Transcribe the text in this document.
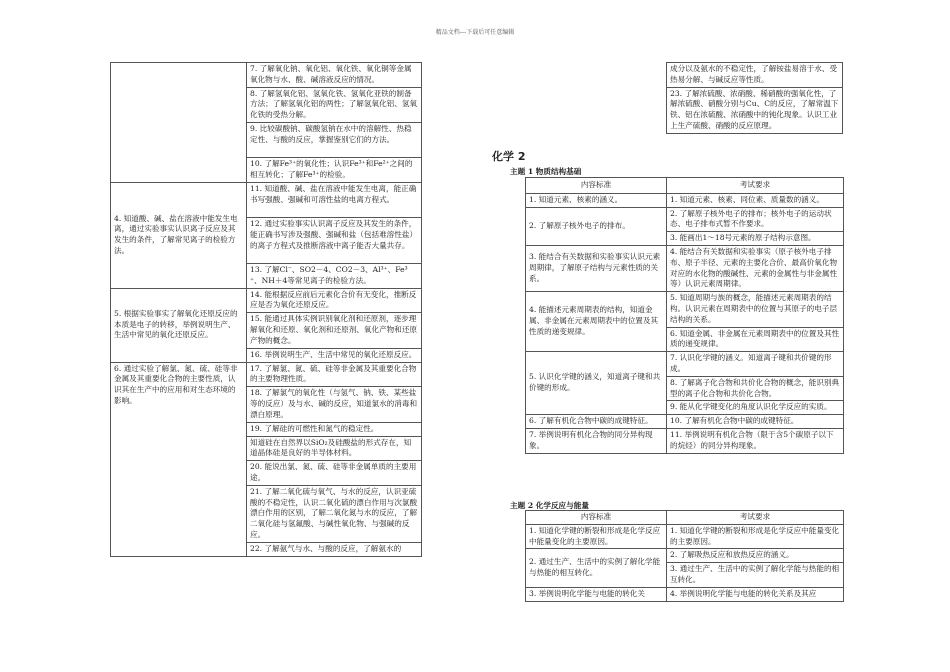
精品文档---下载后可任意编辑
	7. 了解氧化钠、氧化铝、氧化铁、氧化铜等金属氧化物与水、酸、碱溶液反应的情况。
	8. 了解氢氧化铝、氢氧化铁、氢氧化亚铁的制备方法；了解氢氧化铝的两性；了解氢氧化铝、氢氧化铁的受热分解。
	9. 比较碳酸钠、碳酸氢钠在水中的溶解性、热稳定性、与酸的反应，掌握鉴别它们的方法。
	10. 了解Fe³⁺的氧化性；认识Fe³⁺和Fe²⁺之间的相互转化；了解Fe³⁺的检验。
4. 知道酸、碱、盐在溶液中能发生电离，通过实验事实认识离子反应及其发生的条件，了解常见离子的检验方法。	11. 知道酸、碱、盐在溶液中能发生电离，能正确书写强酸、强碱和可溶性盐的电离方程式。
	12. 通过实验事实认识离子反应及其发生的条件，能正确书写涉及强酸、强碱和盐（包括难溶性盐）的离子方程式及推断溶液中离子能否大量共存。
	13. 了解Cl⁻、SO2－4、CO2－3、Al³⁺、Fe³⁺、NH＋4等常见离子的检验方法。
5. 根据实验事实了解氧化还原反应的本质是电子的转移，举例说明生产、生活中常见的氧化还原反应。	14. 能根据反应前后元素化合价有无变化，推断反应是否为氧化还原反应。
	15. 能通过具体实例识别氧化剂和还原剂，逐步理解氧化和还原、氧化剂和还原剂、氧化产物和还原产物的概念。
	16. 举例说明生产、生活中常见的氧化还原反应。
6. 通过实验了解氯、氮、硫、硅等非金属及其重要化合物的主要性质，认识其在生产中的应用和对生态环境的影响。	17. 了解氯、氮、硫、硅等非金属及其重要化合物的主要物理性质。
	18. 了解氯气的氧化性（与氢气、钠、铁、某些盐等的反应）及与水、碱的反应，知道氯水的消毒和漂白原理。
	19. 了解硅的可燃性和氮气的稳定性。
	知道硅在自然界以SiO₂及硅酸盐的形式存在，知道晶体硅是良好的半导体材料。
	20. 能说出氯、氮、硫、硅等非金属单质的主要用途。
	21. 了解二氧化硫与氧气、与水的反应，认识亚硫酸的不稳定性，认识二氧化硫的漂白作用与次氯酸漂白作用的区别，了解二氧化氮与水的反应，了解二氧化硅与氢氟酸、与碱性氧化物、与强碱的反应。
	22. 了解氨气与水、与酸的反应，了解氨水的
成分以及氨水的不稳定性，了解铵盐易溶于水、受热易分解、与碱反应等性质。
23. 了解浓硫酸、浓硝酸、稀硝酸的强氧化性，了解浓硫酸、硝酸分别与Cu、C的反应，了解常温下铁、铝在浓硫酸、浓硝酸中的钝化现象。认识工业上生产硫酸、硝酸的反应原理。
化学 2
主题 1 物质结构基础
内容标准	考试要求
1. 知道元素、核素的涵义。	1. 知道元素、核素、同位素、质量数的涵义。
2. 了解原子核外电子的排布。	2. 了解原子核外电子的排布；核外电子的运动状态、电子排布式暂不作要求。
	3. 能画出1～18号元素的原子结构示意图。
3. 能结合有关数据和实验事实认识元素周期律，了解原子结构与元素性质的关系。	4. 能结合有关数据和实验事实（原子核外电子排布、原子半径、元素的主要化合价、最高价氧化物对应的水化物的酸碱性、元素的金属性与非金属性等）认识元素周期律。
4. 能描述元素周期表的结构，知道金属、非金属在元素周期表中的位置及其性质的递变规律。	5. 知道周期与族的概念，能描述元素周期表的结构。认识元素在周期表中的位置与其原子的电子层结构的关系。
	6. 知道金属、非金属在元素周期表中的位置及其性质的递变规律。
5. 认识化学键的涵义，知道离子键和共价键的形成。	7. 认识化学键的涵义。知道离子键和共价键的形成。
	8. 了解离子化合物和共价化合物的概念，能识别典型的离子化合物和共价化合物。
	9. 能从化学键变化的角度认识化学反应的实质。
6. 了解有机化合物中碳的成键特征。	10. 了解有机化合物中碳的成键特征。
7. 举例说明有机化合物的同分异构现象。	11. 举例说明有机化合物（限于含5个碳原子以下的烷烃）的同分异构现象。
主题 2 化学反应与能量
内容标准	考试要求
1. 知道化学键的断裂和形成是化学反应中能量变化的主要原因。	1. 知道化学键的断裂和形成是化学反应中能量变化的主要原因。
2. 通过生产、生活中的实例了解化学能与热能的相互转化。	2. 了解吸热反应和放热反应的涵义。
	3. 通过生产、生活中的实例了解化学能与热能的相互转化。
3. 举例说明化学能与电能的转化关	4. 举例说明化学能与电能的转化关系及其应
